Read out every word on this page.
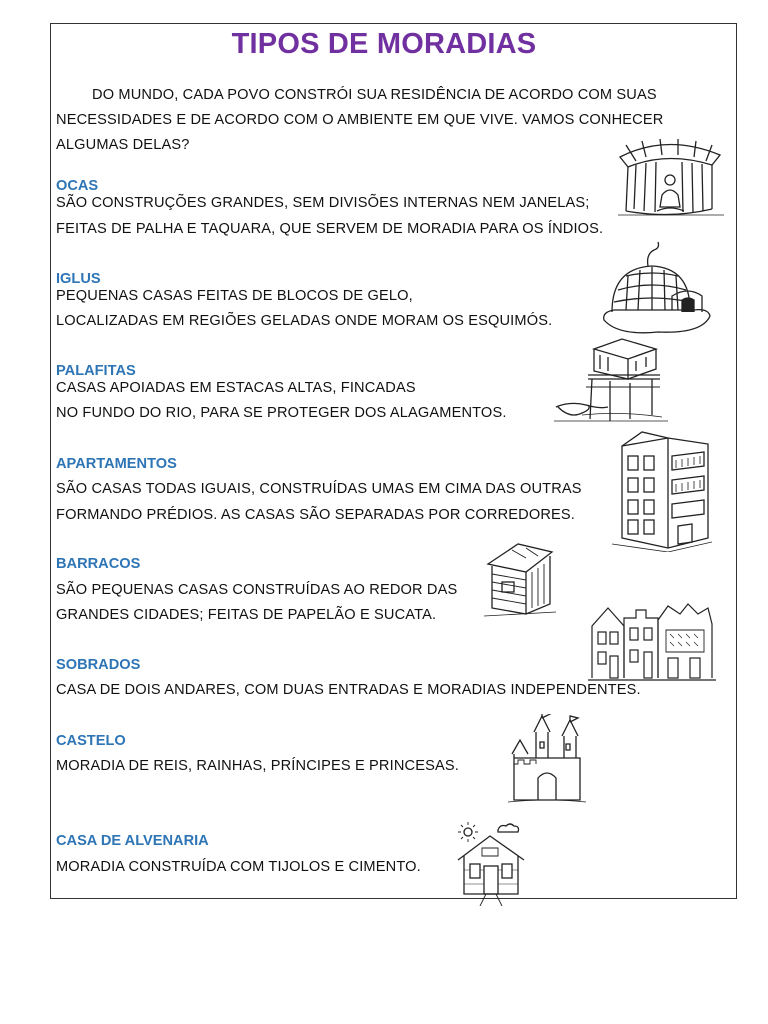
TIPOS DE MORADIAS
DO MUNDO, CADA POVO CONSTRÓI SUA RESIDÊNCIA DE ACORDO COM SUAS
NECESSIDADES E DE ACORDO COM O AMBIENTE EM QUE VIVE. VAMOS CONHECER
ALGUMAS DELAS?
OCAS
SÃO CONSTRUÇÕES GRANDES, SEM DIVISÕES INTERNAS NEM JANELAS;
FEITAS DE PALHA E TAQUARA, QUE SERVEM DE MORADIA PARA OS ÍNDIOS.
IGLUS
PEQUENAS CASAS FEITAS DE BLOCOS DE GELO,
LOCALIZADAS EM REGIÕES GELADAS ONDE MORAM OS ESQUIMÓS.
PALAFITAS
CASAS APOIADAS EM ESTACAS ALTAS, FINCADAS
NO FUNDO DO RIO, PARA SE PROTEGER DOS ALAGAMENTOS.
APARTAMENTOS
SÃO CASAS TODAS IGUAIS, CONSTRUÍDAS UMAS EM CIMA DAS OUTRAS
FORMANDO PRÉDIOS. AS CASAS SÃO SEPARADAS POR CORREDORES.
BARRACOS
SÃO PEQUENAS CASAS CONSTRUÍDAS AO REDOR DAS
GRANDES CIDADES; FEITAS DE PAPELÃO E SUCATA.
SOBRADOS
CASA DE DOIS ANDARES, COM DUAS ENTRADAS E MORADIAS INDEPENDENTES.
CASTELO
MORADIA DE REIS, RAINHAS, PRÍNCIPES E PRINCESAS.
CASA DE ALVENARIA
MORADIA CONSTRUÍDA COM TIJOLOS E CIMENTO.
